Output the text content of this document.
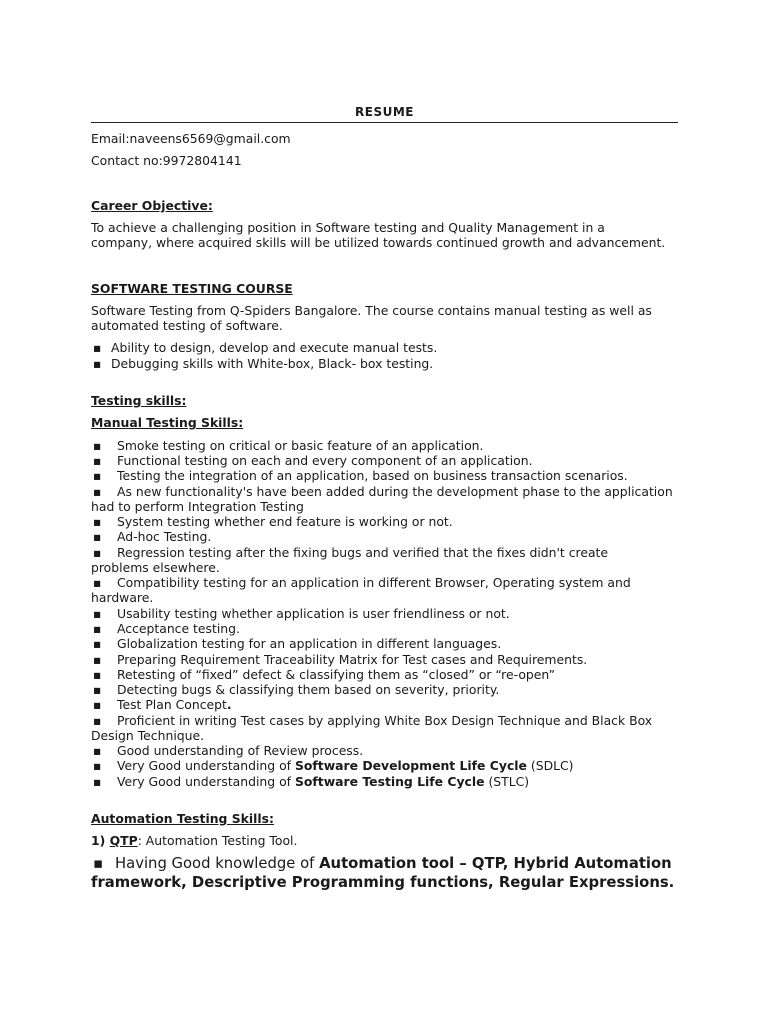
RESUME
Email:naveens6569@gmail.com
Contact no:9972804141
Career Objective:
To achieve a challenging position in Software testing and Quality Management in a
company, where acquired skills will be utilized towards continued growth and advancement.
SOFTWARE TESTING COURSE
Software Testing from Q-Spiders Bangalore. The course contains manual testing as well as
automated testing of software.
▪ Ability to design, develop and execute manual tests.
▪ Debugging skills with White-box, Black- box testing.
Testing skills:
Manual Testing Skills:
▪ Smoke testing on critical or basic feature of an application.
▪ Functional testing on each and every component of an application.
▪ Testing the integration of an application, based on business transaction scenarios.
▪ As new functionality's have been added during the development phase to the application
had to perform Integration Testing
▪ System testing whether end feature is working or not.
▪ Ad-hoc Testing.
▪ Regression testing after the fixing bugs and verified that the fixes didn't create
problems elsewhere.
▪ Compatibility testing for an application in different Browser, Operating system and
hardware.
▪ Usability testing whether application is user friendliness or not.
▪ Acceptance testing.
▪ Globalization testing for an application in different languages.
▪ Preparing Requirement Traceability Matrix for Test cases and Requirements.
▪ Retesting of “fixed” defect & classifying them as “closed” or “re-open”
▪ Detecting bugs & classifying them based on severity, priority.
▪ Test Plan Concept.
▪ Proficient in writing Test cases by applying White Box Design Technique and Black Box
Design Technique.
▪ Good understanding of Review process.
▪ Very Good understanding of Software Development Life Cycle (SDLC)
▪ Very Good understanding of Software Testing Life Cycle (STLC)
Automation Testing Skills:
1) QTP: Automation Testing Tool.
▪ Having Good knowledge of Automation tool – QTP, Hybrid Automation
framework, Descriptive Programming functions, Regular Expressions.
